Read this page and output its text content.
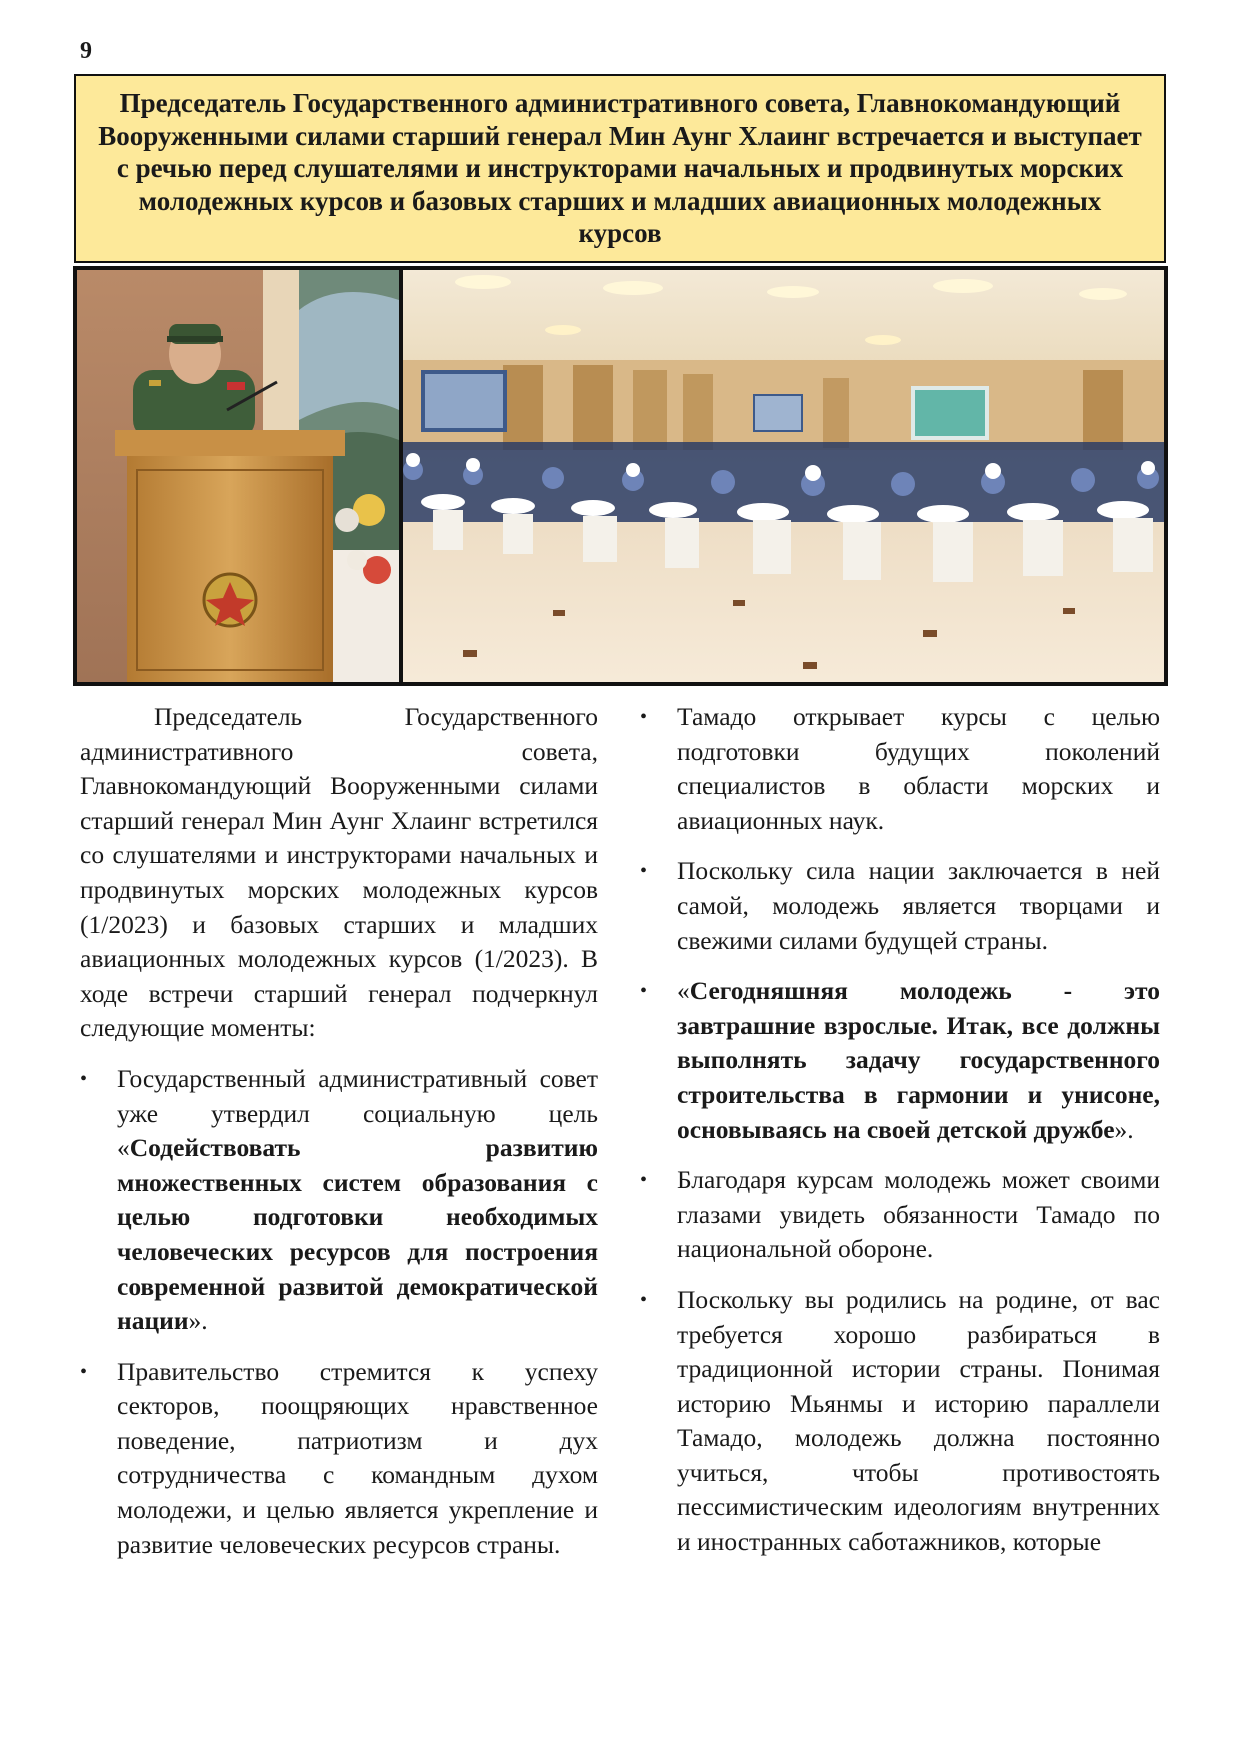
9
Председатель Государственного административного совета, Главнокомандующий Вооруженными силами старший генерал Мин Аунг Хлаинг встречается и выступает с речью перед слушателями и инструкторами начальных и продвинутых морских молодежных курсов и базовых старших и младших авиационных молодежных курсов

Председатель Государственного административного совета, Главнокомандующий Вооруженными силами старший генерал Мин Аунг Хлаинг встретился со слушателями и инструкторами начальных и продвинутых морских молодежных курсов (1/2023) и базовых старших и младших авиационных молодежных курсов (1/2023). В ходе встречи старший генерал подчеркнул следующие моменты:

• Государственный административный совет уже утвердил социальную цель «Содействовать развитию множественных систем образования с целью подготовки необходимых человеческих ресурсов для построения современной развитой демократической нации».
• Правительство стремится к успеху секторов, поощряющих нравственное поведение, патриотизм и дух сотрудничества с командным духом молодежи, и целью является укрепление и развитие человеческих ресурсов страны.
• Тамадо открывает курсы с целью подготовки будущих поколений специалистов в области морских и авиационных наук.
• Поскольку сила нации заключается в ней самой, молодежь является творцами и свежими силами будущей страны.
• «Сегодняшняя молодежь - это завтрашние взрослые. Итак, все должны выполнять задачу государственного строительства в гармонии и унисоне, основываясь на своей детской дружбе».
• Благодаря курсам молодежь может своими глазами увидеть обязанности Тамадо по национальной обороне.
• Поскольку вы родились на родине, от вас требуется хорошо разбираться в традиционной истории страны. Понимая историю Мьянмы и историю параллели Тамадо, молодежь должна постоянно учиться, чтобы противостоять пессимистическим идеологиям внутренних и иностранных саботажников, которые
